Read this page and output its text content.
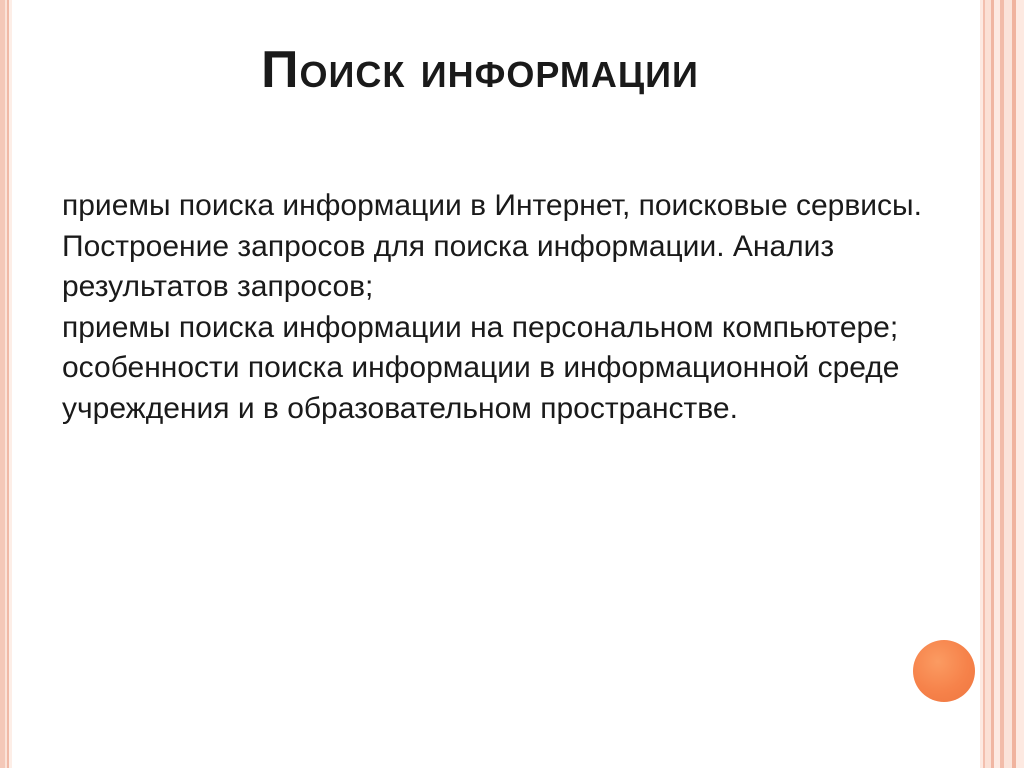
Поиск информации

приемы поиска информации в Интернет, поисковые сервисы. Построение запросов для поиска информации. Анализ результатов запросов;

приемы поиска информации на персональном компьютере;

особенности поиска информации в информационной среде учреждения и в образовательном пространстве.
